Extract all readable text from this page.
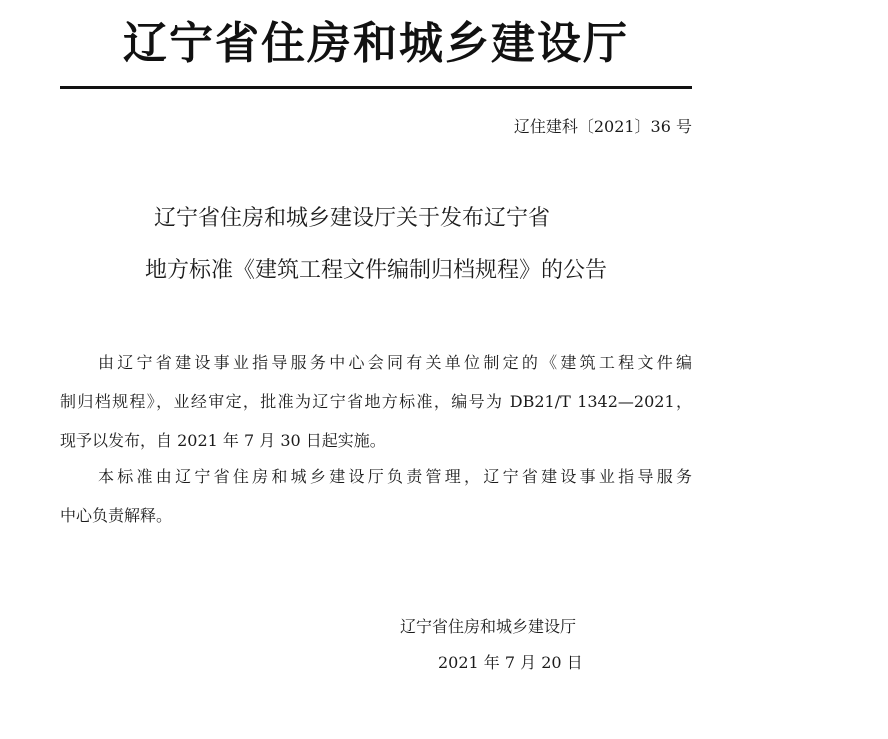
辽宁省住房和城乡建设厅
辽住建科〔2021〕36 号
辽宁省住房和城乡建设厅关于发布辽宁省
地方标准《建筑工程文件编制归档规程》的公告
由辽宁省建设事业指导服务中心会同有关单位制定的《建筑工程文件编
制归档规程》，业经审定，批准为辽宁省地方标准，编号为 DB21/T 1342—2021，
现予以发布，自 2021 年 7 月 30 日起实施。
本标准由辽宁省住房和城乡建设厅负责管理，辽宁省建设事业指导服务
中心负责解释。
辽宁省住房和城乡建设厅
2021 年 7 月 20 日
